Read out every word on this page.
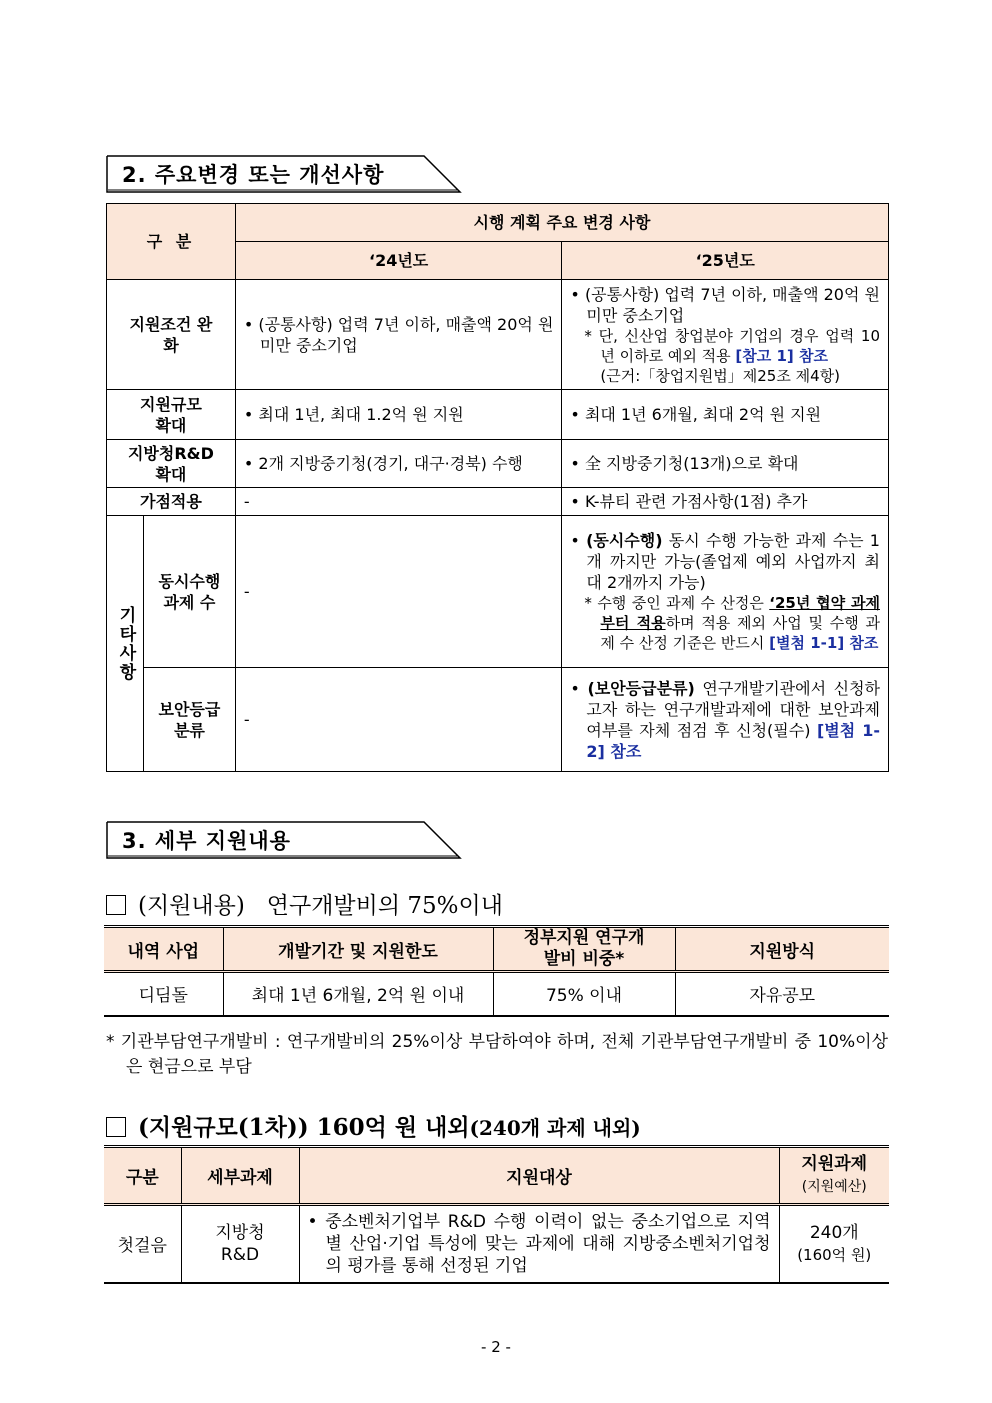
2. 주요변경 또는 개선사항
구 분		시행 계획 주요 변경 사항	
		‘24년도	‘25년도
지원조건 완화		• (공통사항) 업력 7년 이하, 매출액 20억 원 미만 중소기업	• (공통사항) 업력 7년 이하, 매출액 20억 원 미만 중소기업
* 단, 신산업 창업분야 기업의 경우 업력 10년 이하로 예외 적용 [참고 1] 참조
(근거:「창업지원법」제25조 제4항)

지원규모 확대		• 최대 1년, 최대 1.2억 원 지원	• 최대 1년 6개월, 최대 2억 원 지원

지방청R&D 확대		• 2개 지방중기청(경기, 대구·경북) 수행	• 全 지방중기청(13개)으로 확대

가점적용		-	• K-뷰티 관련 가점사항(1점) 추가

기타사항	동시수행 과제 수	-	• (동시수행) 동시 수행 가능한 과제 수는 1개 까지만 가능(졸업제 예외 사업까지 최대 2개까지 가능)
* 수행 중인 과제 수 산정은 ‘25년 협약 과제부터 적용하며 적용 제외 사업 및 수행 과제 수 산정 기준은 반드시 [별첨 1-1] 참조

	보안등급 분류	-	• (보안등급분류) 연구개발기관에서 신청하고자 하는 연구개발과제에 대한 보안과제 여부를 자체 점검 후 신청(필수) [별첨 1-2] 참조
3. 세부 지원내용
(지원내용) 연구개발비의 75%이내
내역 사업	개발기간 및 지원한도	정부지원 연구개발비 비중*	지원방식
디딤돌	최대 1년 6개월, 2억 원 이내	75% 이내	자유공모
* 기관부담연구개발비 : 연구개발비의 25%이상 부담하여야 하며, 전체 기관부담연구개발비 중 10%이상은 현금으로 부담
(지원규모(1차)) 160억 원 내외(240개 과제 내외)
구분	세부과제	지원대상	지원과제
(지원예산)
첫걸음	지방청 R&D	• 중소벤처기업부 R&D 수행 이력이 없는 중소기업으로 지역별 산업·기업 특성에 맞는 과제에 대해 지방중소벤처기업청의 평가를 통해 선정된 기업	240개
(160억 원)
- 2 -
